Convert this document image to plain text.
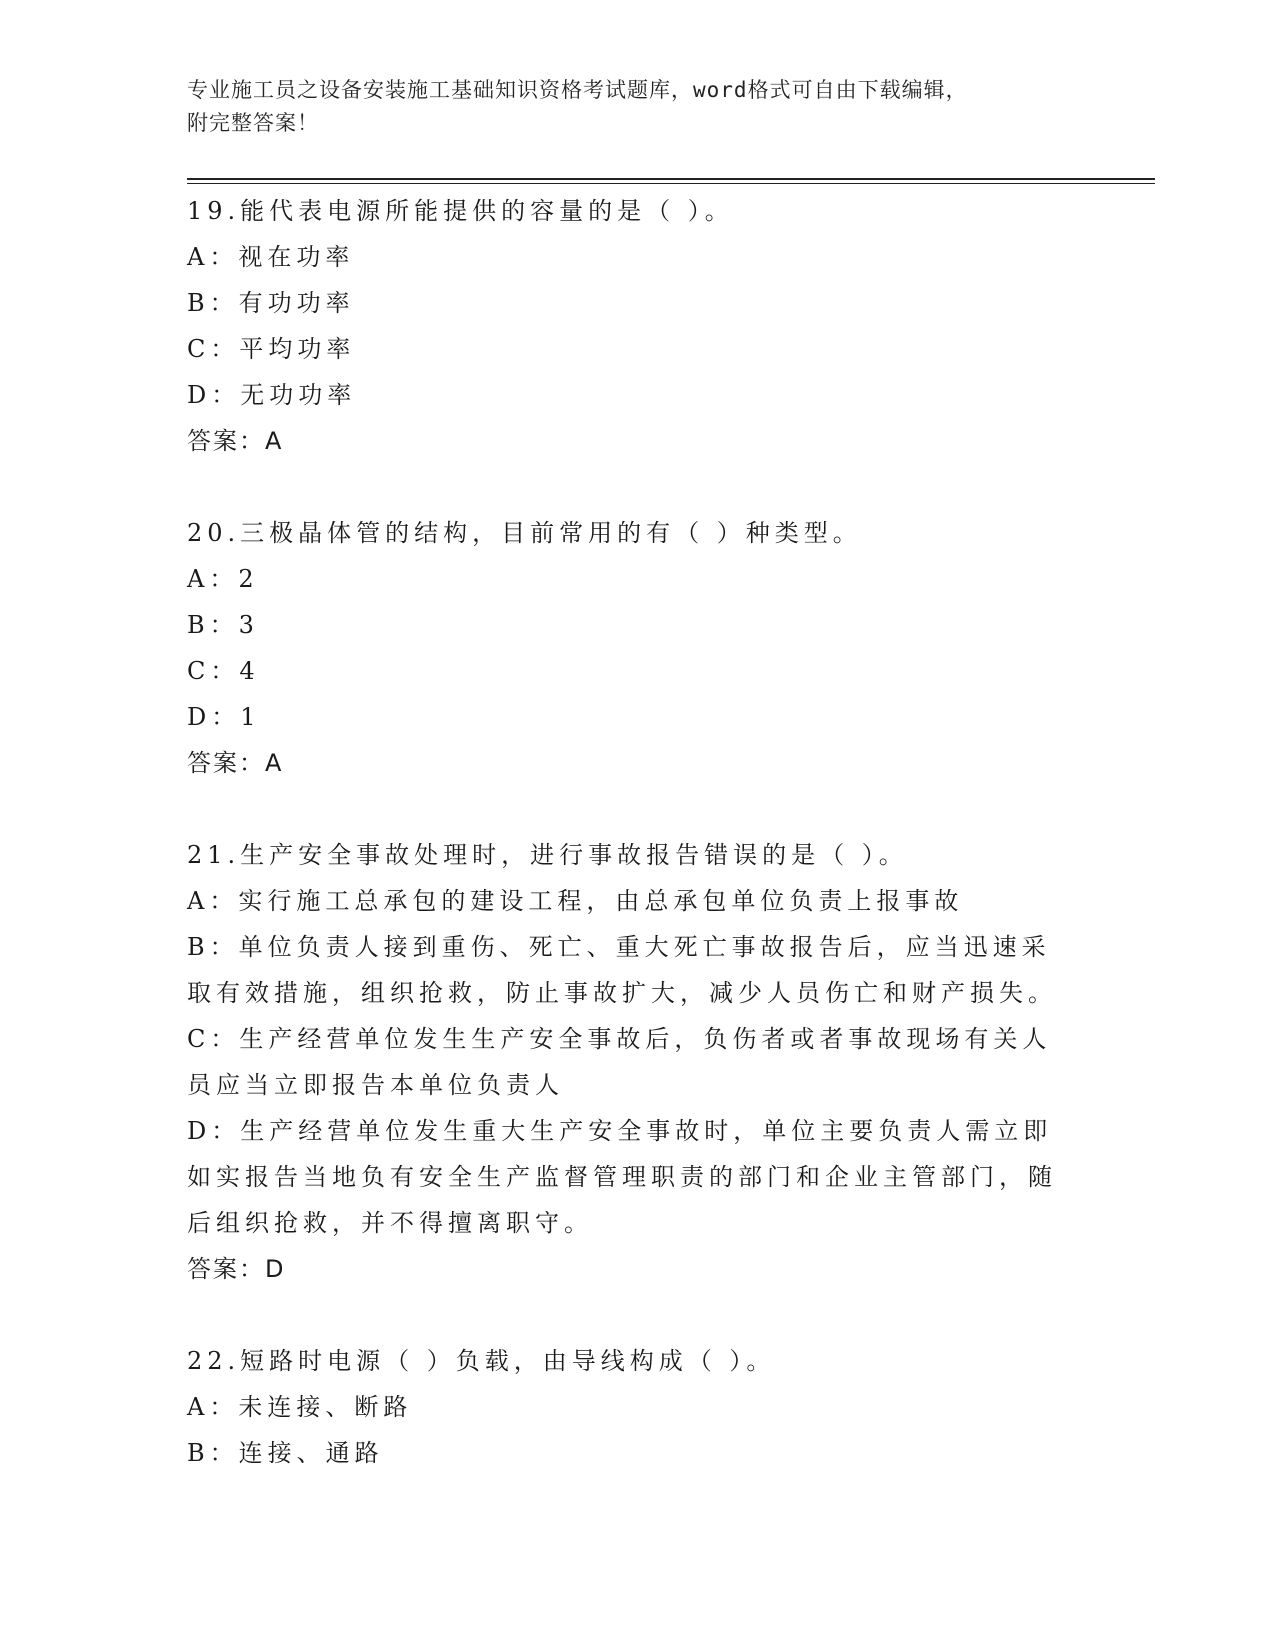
专业施工员之设备安装施工基础知识资格考试题库，word格式可自由下载编辑，
附完整答案！
19.能代表电源所能提供的容量的是（ ）。
A：视在功率
B：有功功率
C：平均功率
D：无功功率
答案：A
20.三极晶体管的结构，目前常用的有（ ）种类型。
A：2
B：3
C：4
D：1
答案：A
21.生产安全事故处理时，进行事故报告错误的是（ ）。
A：实行施工总承包的建设工程，由总承包单位负责上报事故
B：单位负责人接到重伤、死亡、重大死亡事故报告后，应当迅速采取有效措施，组织抢救，防止事故扩大，减少人员伤亡和财产损失。
C：生产经营单位发生生产安全事故后，负伤者或者事故现场有关人员应当立即报告本单位负责人
D：生产经营单位发生重大生产安全事故时，单位主要负责人需立即如实报告当地负有安全生产监督管理职责的部门和企业主管部门，随后组织抢救，并不得擅离职守。
答案：D
22.短路时电源（ ）负载，由导线构成（ ）。
A：未连接、断路
B：连接、通路
